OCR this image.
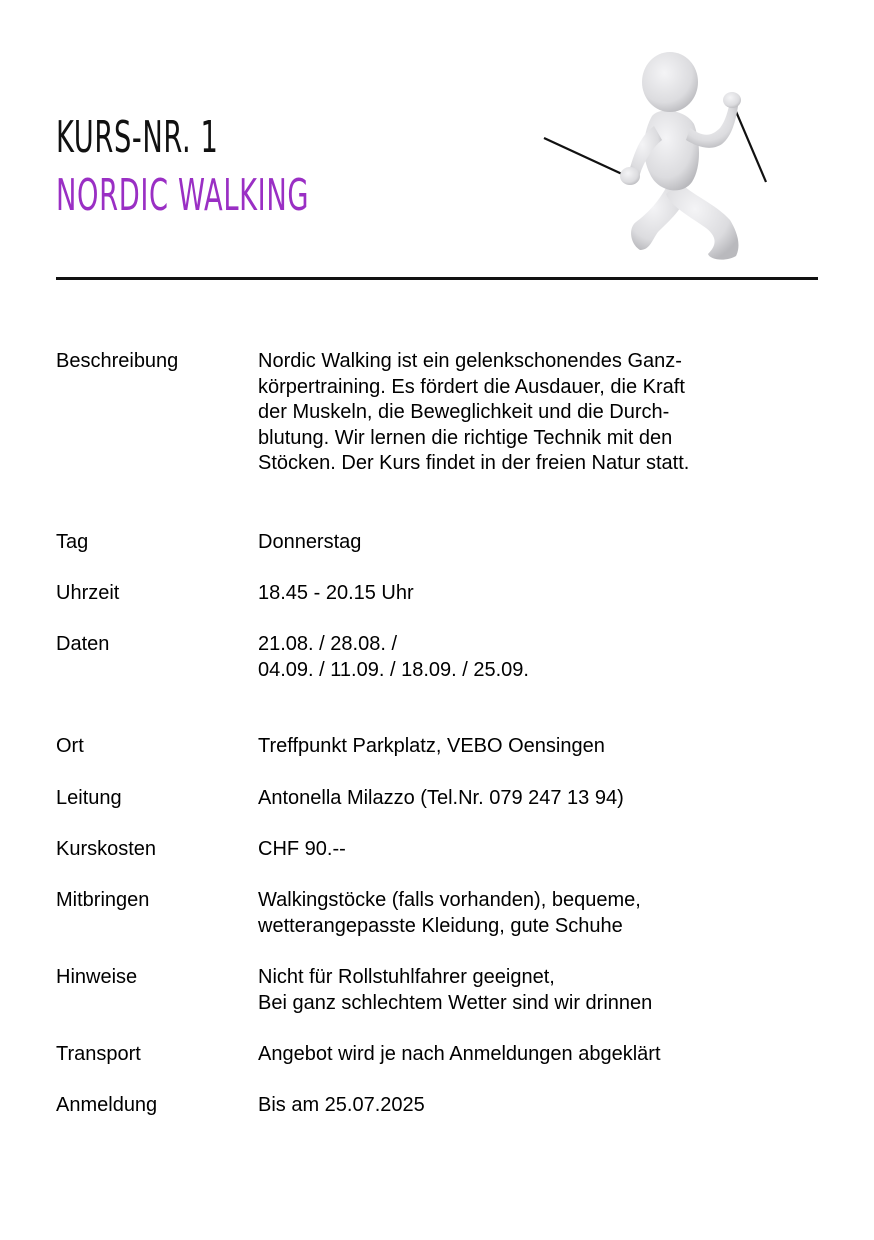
KURS-NR. 1
NORDIC WALKING
Beschreibung	Nordic Walking ist ein gelenkschonendes Ganz-
körpertraining. Es fördert die Ausdauer, die Kraft
der Muskeln, die Beweglichkeit und die Durch-
blutung. Wir lernen die richtige Technik mit den
Stöcken. Der Kurs findet in der freien Natur statt.
Tag	Donnerstag
Uhrzeit	18.45 - 20.15 Uhr
Daten	21.08. / 28.08. /
04.09. / 11.09. / 18.09. / 25.09.
Ort	Treffpunkt Parkplatz, VEBO Oensingen
Leitung	Antonella Milazzo (Tel.Nr. 079 247 13 94)
Kurskosten	CHF 90.--
Mitbringen	Walkingstöcke (falls vorhanden), bequeme,
wetterangepasste Kleidung, gute Schuhe
Hinweise	Nicht für Rollstuhlfahrer geeignet,
Bei ganz schlechtem Wetter sind wir drinnen
Transport	Angebot wird je nach Anmeldungen abgeklärt
Anmeldung	Bis am 25.07.2025
